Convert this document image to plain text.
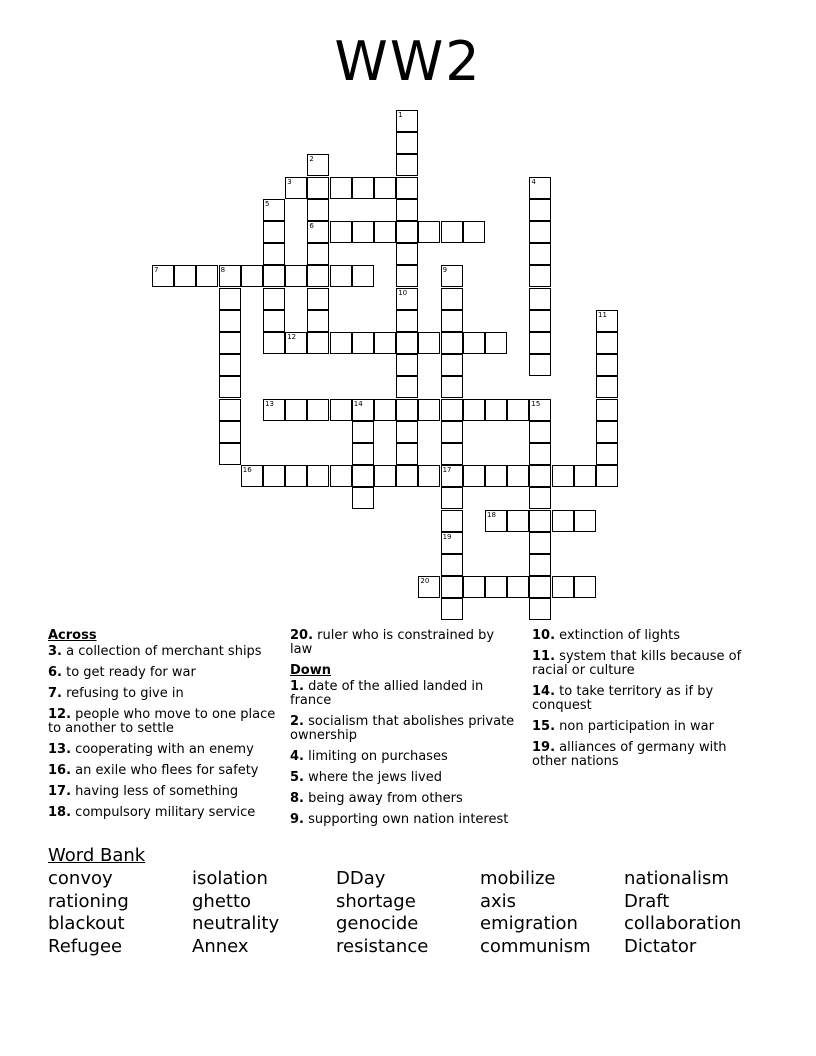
WW2
1
10
2
6
3	4
5
7	8	9
17
11
12
13	14	15
16
18
19
20
Across
3. a collection of merchant ships
6. to get ready for war
7. refusing to give in
12. people who move to one place to another to settle
13. cooperating with an enemy
16. an exile who flees for safety
17. having less of something
18. compulsory military service
20. ruler who is constrained by law
Down
1. date of the allied landed in france
2. socialism that abolishes private ownership
4. limiting on purchases
5. where the jews lived
8. being away from others
9. supporting own nation interest
10. extinction of lights
11. system that kills because of racial or culture
14. to take territory as if by conquest
15. non participation in war
19. alliances of germany with other nations
Word Bank
convoy	isolation	DDay	mobilize	nationalism
rationing	ghetto	shortage	axis	Draft
blackout	neutrality	genocide	emigration	collaboration
Refugee	Annex	resistance	communism	Dictator
